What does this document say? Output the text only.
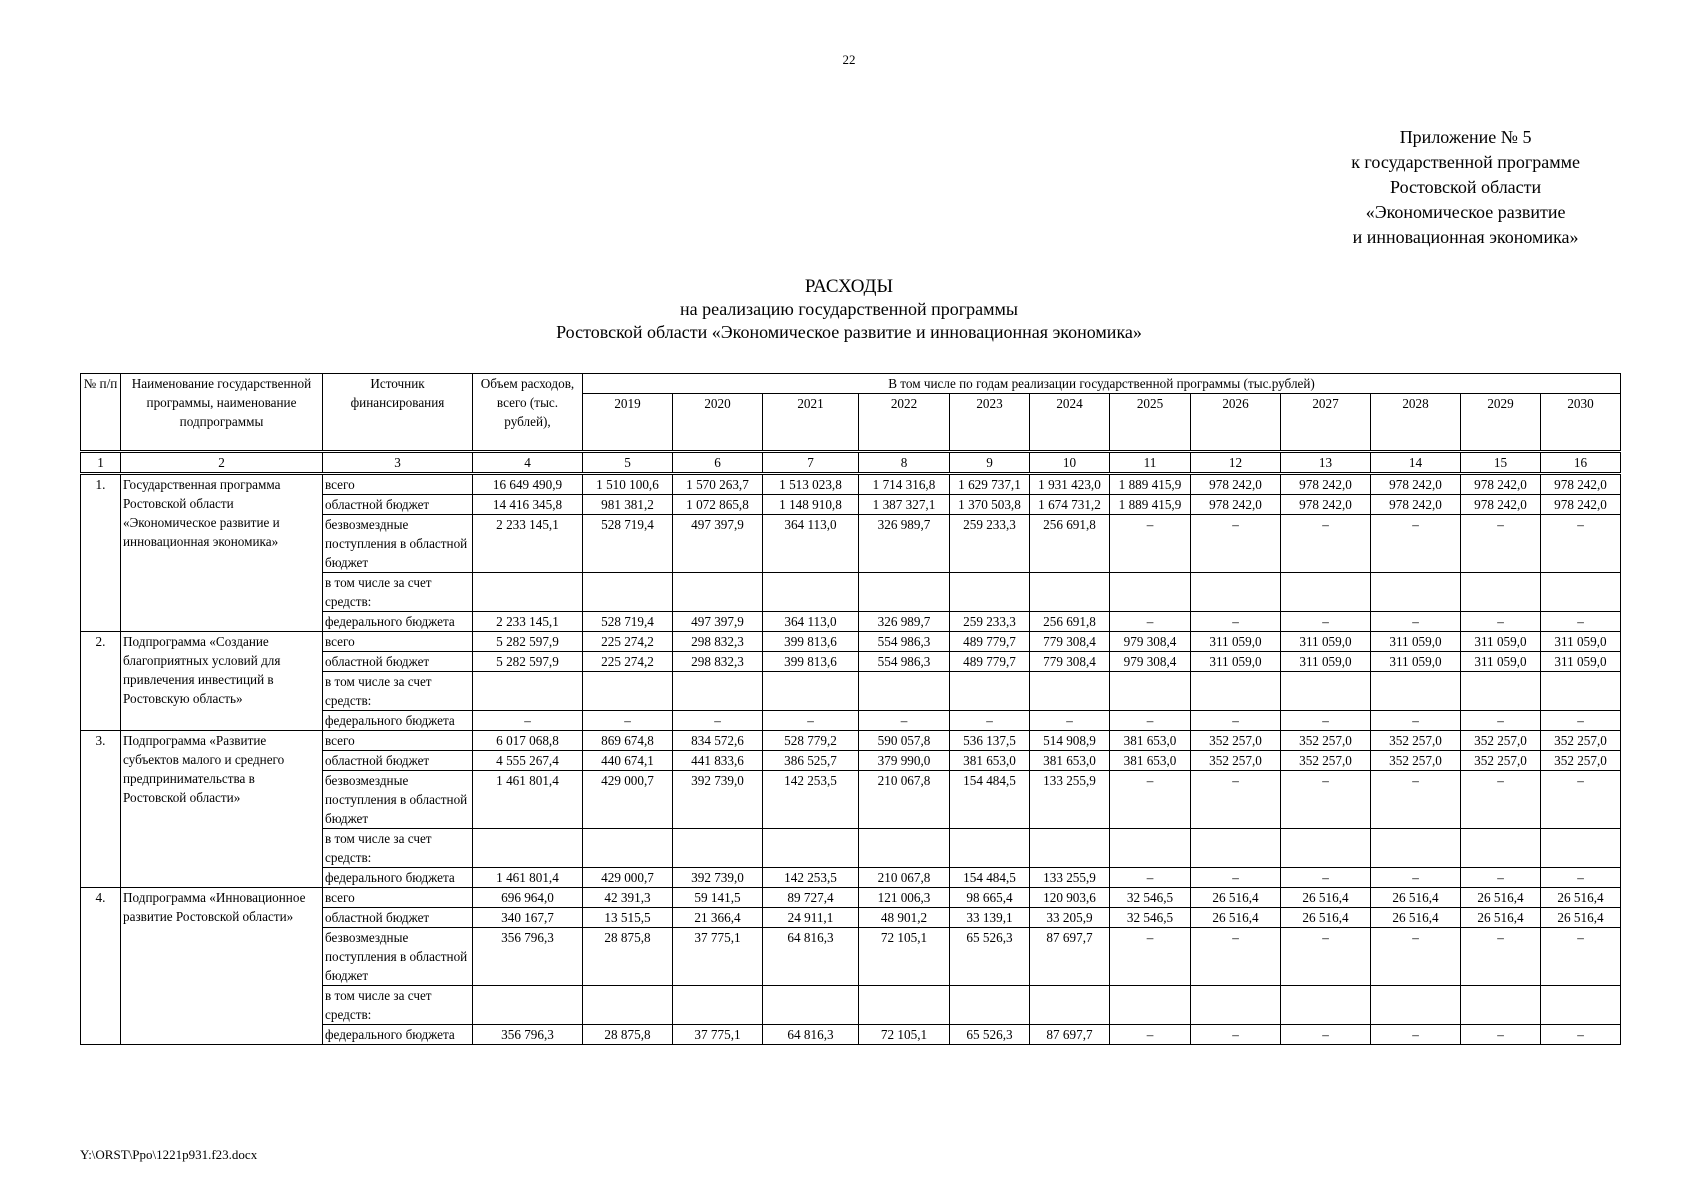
22
Приложение № 5
к государственной программе
Ростовской области
«Экономическое развитие
и инновационная экономика»
РАСХОДЫ
на реализацию государственной программы
Ростовской области «Экономическое развитие и инновационная экономика»
№ п/п	Наименование государственной программы, наименование подпрограммы	Источник финансирования	Объем расходов, всего (тыс. рублей),	В том числе по годам реализации государственной программы (тыс.рублей)											
				2019	2020	2021	2022	2023	2024	2025	2026	2027	2028	2029	2030
1	2	3	4	5	6	7	8	9	10	11	12	13	14	15	16
1.	Государственная программа Ростовской области «Экономическое развитие и инновационная экономика»	всего	16 649 490,9	1 510 100,6	1 570 263,7	1 513 023,8	1 714 316,8	1 629 737,1	1 931 423,0	1 889 415,9	978 242,0	978 242,0	978 242,0	978 242,0	978 242,0
		областной бюджет	14 416 345,8	981 381,2	1 072 865,8	1 148 910,8	1 387 327,1	1 370 503,8	1 674 731,2	1 889 415,9	978 242,0	978 242,0	978 242,0	978 242,0	978 242,0
		безвозмездные поступления в областной бюджет	2 233 145,1	528 719,4	497 397,9	364 113,0	326 989,7	259 233,3	256 691,8	–	–	–	–	–	–
		в том числе за счет средств:													
		федерального бюджета	2 233 145,1	528 719,4	497 397,9	364 113,0	326 989,7	259 233,3	256 691,8	–	–	–	–	–	–
2.	Подпрограмма «Создание благоприятных условий для привлечения инвестиций в Ростовскую область»	всего	5 282 597,9	225 274,2	298 832,3	399 813,6	554 986,3	489 779,7	779 308,4	979 308,4	311 059,0	311 059,0	311 059,0	311 059,0	311 059,0
		областной бюджет	5 282 597,9	225 274,2	298 832,3	399 813,6	554 986,3	489 779,7	779 308,4	979 308,4	311 059,0	311 059,0	311 059,0	311 059,0	311 059,0
		в том числе за счет средств:													
		федерального бюджета	–	–	–	–	–	–	–	–	–	–	–	–	–
3.	Подпрограмма «Развитие субъектов малого и среднего предпринимательства в Ростовской области»	всего	6 017 068,8	869 674,8	834 572,6	528 779,2	590 057,8	536 137,5	514 908,9	381 653,0	352 257,0	352 257,0	352 257,0	352 257,0	352 257,0
		областной бюджет	4 555 267,4	440 674,1	441 833,6	386 525,7	379 990,0	381 653,0	381 653,0	381 653,0	352 257,0	352 257,0	352 257,0	352 257,0	352 257,0
		безвозмездные поступления в областной бюджет	1 461 801,4	429 000,7	392 739,0	142 253,5	210 067,8	154 484,5	133 255,9	–	–	–	–	–	–
		в том числе за счет средств:													
		федерального бюджета	1 461 801,4	429 000,7	392 739,0	142 253,5	210 067,8	154 484,5	133 255,9	–	–	–	–	–	–
4.	Подпрограмма «Инновационное развитие Ростовской области»	всего	696 964,0	42 391,3	59 141,5	89 727,4	121 006,3	98 665,4	120 903,6	32 546,5	26 516,4	26 516,4	26 516,4	26 516,4	26 516,4
		областной бюджет	340 167,7	13 515,5	21 366,4	24 911,1	48 901,2	33 139,1	33 205,9	32 546,5	26 516,4	26 516,4	26 516,4	26 516,4	26 516,4
		безвозмездные поступления в областной бюджет	356 796,3	28 875,8	37 775,1	64 816,3	72 105,1	65 526,3	87 697,7	–	–	–	–	–	–
		в том числе за счет средств:													
		федерального бюджета	356 796,3	28 875,8	37 775,1	64 816,3	72 105,1	65 526,3	87 697,7	–	–	–	–	–	–
Y:\ORST\Ppo\1221p931.f23.docx
